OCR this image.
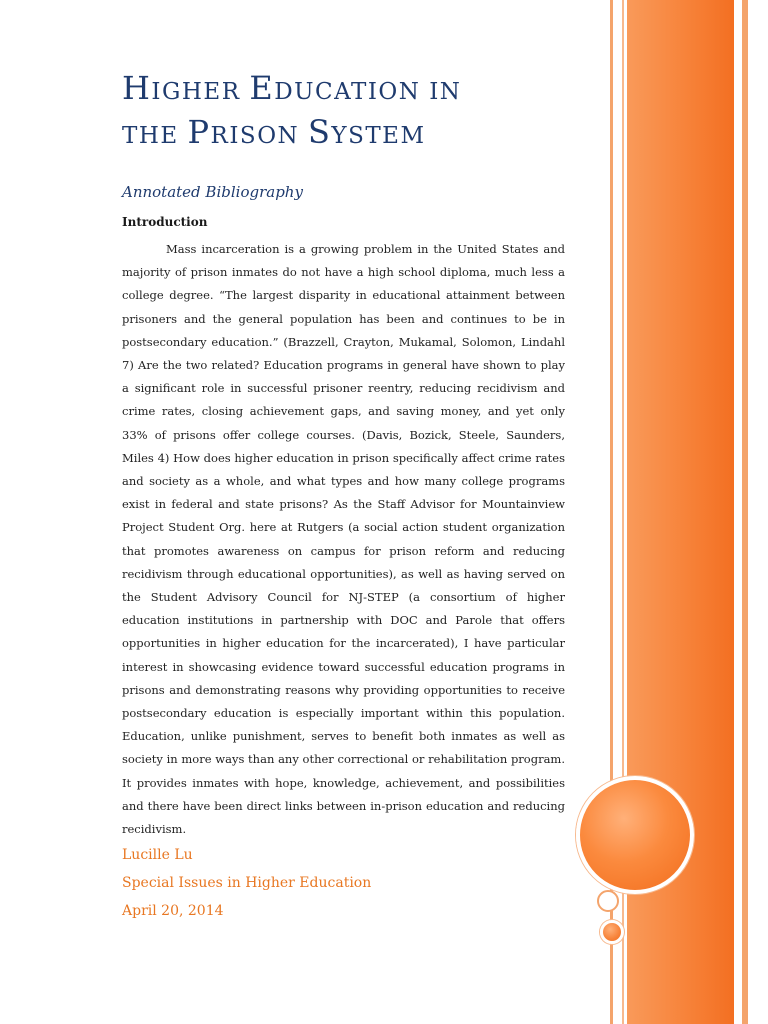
HIGHER EDUCATION IN
THE PRISON SYSTEM

Annotated Bibliography

Introduction

Mass incarceration is a growing problem in the United States and majority of prison inmates do not have a high school diploma, much less a college degree. “The largest disparity in educational attainment between prisoners and the general population has been and continues to be in postsecondary education.” (Brazzell, Crayton, Mukamal, Solomon, Lindahl 7) Are the two related? Education programs in general have shown to play a significant role in successful prisoner reentry, reducing recidivism and crime rates, closing achievement gaps, and saving money, and yet only 33% of prisons offer college courses. (Davis, Bozick, Steele, Saunders, Miles 4) How does higher education in prison specifically affect crime rates and society as a whole, and what types and how many college programs exist in federal and state prisons? As the Staff Advisor for Mountainview Project Student Org. here at Rutgers (a social action student organization that promotes awareness on campus for prison reform and reducing recidivism through educational opportunities), as well as having served on the Student Advisory Council for NJ-STEP (a consortium of higher education institutions in partnership with DOC and Parole that offers opportunities in higher education for the incarcerated), I have particular interest in showcasing evidence toward successful education programs in prisons and demonstrating reasons why providing opportunities to receive postsecondary education is especially important within this population. Education, unlike punishment, serves to benefit both inmates as well as society in more ways than any other correctional or rehabilitation program. It provides inmates with hope, knowledge, achievement, and possibilities and there have been direct links between in-prison education and reducing recidivism.

Lucille Lu

Special Issues in Higher Education

April 20, 2014
